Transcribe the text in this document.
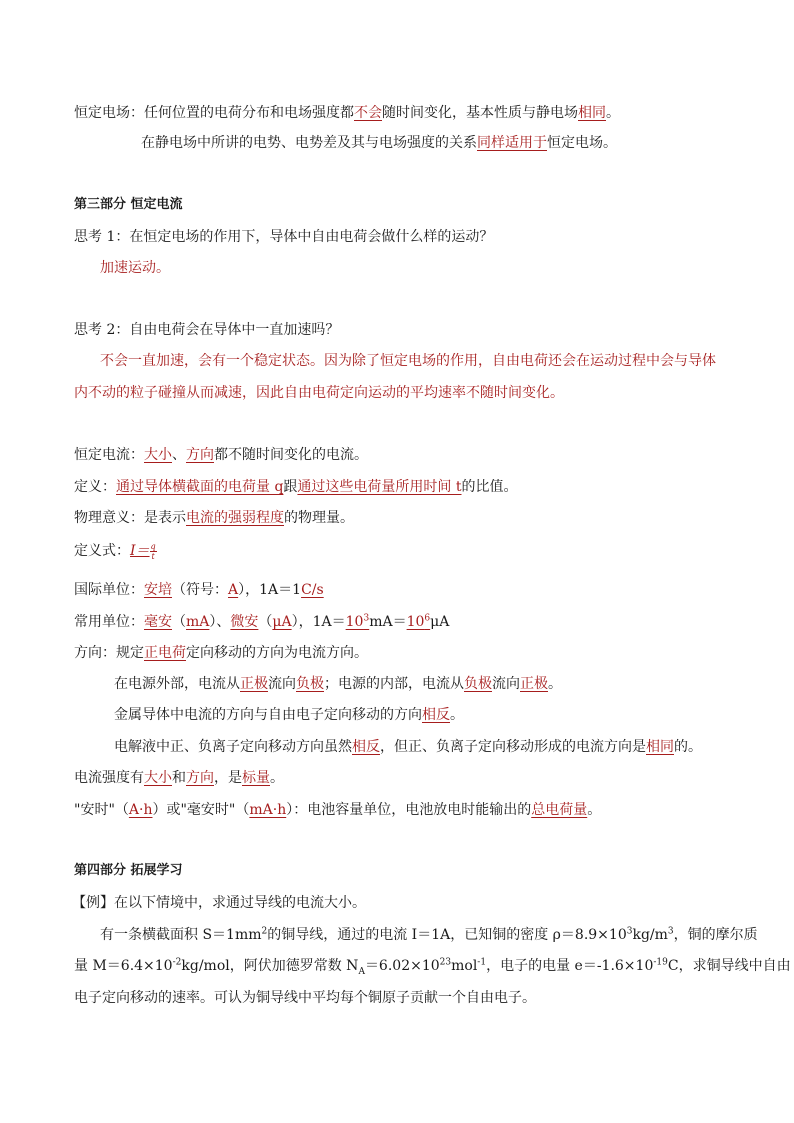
恒定电场：任何位置的电荷分布和电场强度都不会随时间变化，基本性质与静电场相同。
在静电场中所讲的电势、电势差及其与电场强度的关系同样适用于恒定电场。
第三部分 恒定电流
思考 1：在恒定电场的作用下，导体中自由电荷会做什么样的运动？
加速运动。
思考 2：自由电荷会在导体中一直加速吗？
不会一直加速，会有一个稳定状态。因为除了恒定电场的作用，自由电荷还会在运动过程中会与导体
内不动的粒子碰撞从而减速，因此自由电荷定向运动的平均速率不随时间变化。
恒定电流：大小、方向都不随时间变化的电流。
定义：通过导体横截面的电荷量 q跟通过这些电荷量所用时间 t的比值。
物理意义：是表示电流的强弱程度的物理量。
定义式：$I= \frac{q}{t}$
国际单位：安培（符号：A），1A＝1C/s
常用单位：毫安（mA）、微安（μA），$1A=10^3mA=10^6\mu A$
方向：规定正电荷定向移动的方向为电流方向。
在电源外部，电流从正极流向负极；电源的内部，电流从负极流向正极。
金属导体中电流的方向与自由电子定向移动的方向相反。
电解液中正、负离子定向移动方向虽然相反，但正、负离子定向移动形成的电流方向是相同的。
电流强度有大小和方向，是标量。
"安时"（A·h）或"毫安时"（mA·h）：电池容量单位，电池放电时能输出的总电荷量。
第四部分 拓展学习
【例】在以下情境中，求通过导线的电流大小。
有一条横截面积 $S=1mm^2$的铜导线，通过的电流 I＝1A，已知铜的密度 $\rho=8.9\times 10^3kg/m^3$，铜的摩尔质
量 $M=6.4\times 10^{-2}kg$/mol，阿伏加德罗常数 $N_A=6.02\times 10^{23}mol^{-1}$，电子的电量 $e=-1.6\times 10^{-19}C$，求铜导线中自由
电子定向移动的速率。可认为铜导线中平均每个铜原子贡献一个自由电子。
